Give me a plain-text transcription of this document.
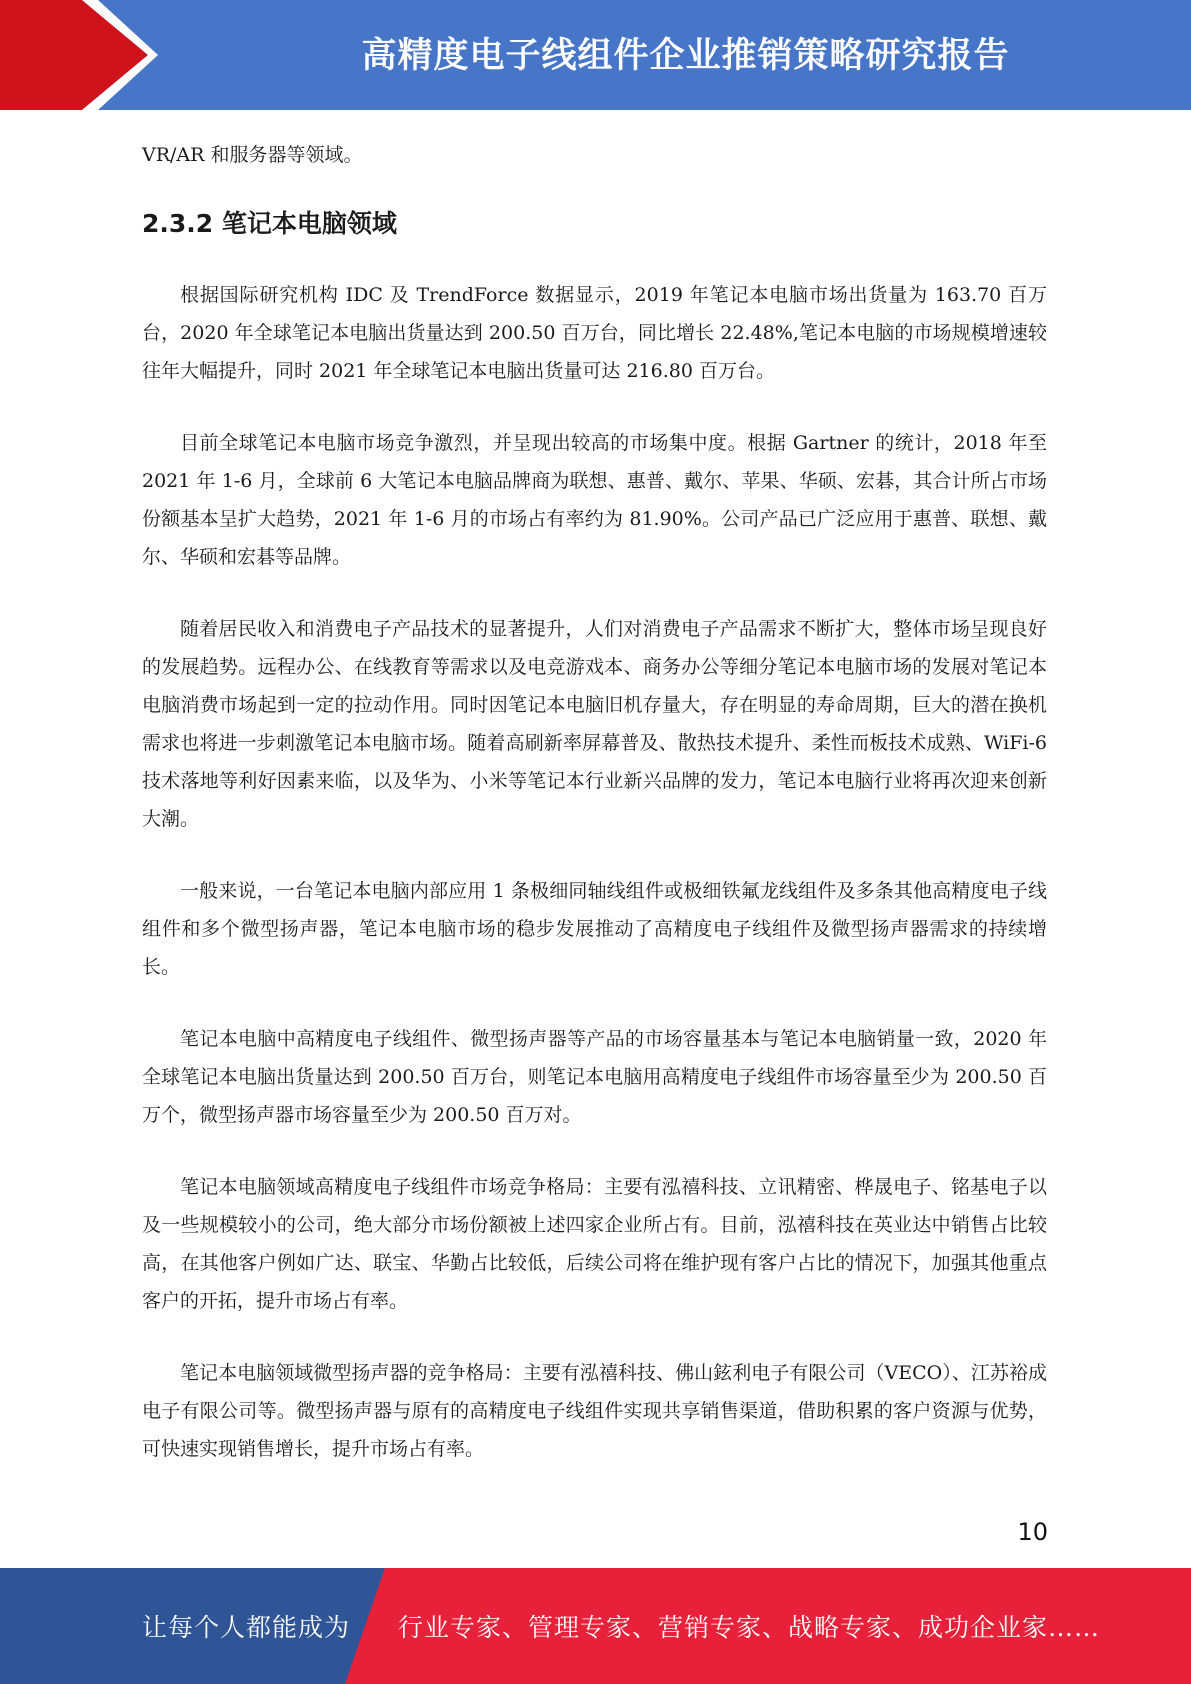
高精度电子线组件企业推销策略研究报告

VR/AR 和服务器等领域。

2.3.2 笔记本电脑领域

根据国际研究机构 IDC 及 TrendForce 数据显示，2019 年笔记本电脑市场出货量为 163.70 百万台，2020 年全球笔记本电脑出货量达到 200.50 百万台，同比增长 22.48%,笔记本电脑的市场规模增速较往年大幅提升，同时 2021 年全球笔记本电脑出货量可达 216.80 百万台。

目前全球笔记本电脑市场竞争激烈，并呈现出较高的市场集中度。根据 Gartner 的统计，2018 年至 2021 年 1-6 月，全球前 6 大笔记本电脑品牌商为联想、惠普、戴尔、苹果、华硕、宏碁，其合计所占市场份额基本呈扩大趋势，2021 年 1-6 月的市场占有率约为 81.90%。公司产品已广泛应用于惠普、联想、戴尔、华硕和宏碁等品牌。

随着居民收入和消费电子产品技术的显著提升，人们对消费电子产品需求不断扩大，整体市场呈现良好的发展趋势。远程办公、在线教育等需求以及电竞游戏本、商务办公等细分笔记本电脑市场的发展对笔记本电脑消费市场起到一定的拉动作用。同时因笔记本电脑旧机存量大，存在明显的寿命周期，巨大的潜在换机需求也将进一步刺激笔记本电脑市场。随着高刷新率屏幕普及、散热技术提升、柔性而板技术成熟、WiFi-6 技术落地等利好因素来临，以及华为、小米等笔记本行业新兴品牌的发力，笔记本电脑行业将再次迎来创新大潮。

一般来说，一台笔记本电脑内部应用 1 条极细同轴线组件或极细铁氟龙线组件及多条其他高精度电子线组件和多个微型扬声器，笔记本电脑市场的稳步发展推动了高精度电子线组件及微型扬声器需求的持续增长。

笔记本电脑中高精度电子线组件、微型扬声器等产品的市场容量基本与笔记本电脑销量一致，2020 年全球笔记本电脑出货量达到 200.50 百万台，则笔记本电脑用高精度电子线组件市场容量至少为 200.50 百万个，微型扬声器市场容量至少为 200.50 百万对。

笔记本电脑领域高精度电子线组件市场竞争格局：主要有泓禧科技、立讯精密、桦晟电子、铭基电子以及一些规模较小的公司，绝大部分市场份额被上述四家企业所占有。目前，泓禧科技在英业达中销售占比较高，在其他客户例如广达、联宝、华勤占比较低，后续公司将在维护现有客户占比的情况下，加强其他重点客户的开拓，提升市场占有率。

笔记本电脑领域微型扬声器的竞争格局：主要有泓禧科技、佛山鉉利电子有限公司（VECO）、江苏裕成电子有限公司等。微型扬声器与原有的高精度电子线组件实现共享销售渠道，借助积累的客户资源与优势，可快速实现销售增长，提升市场占有率。

10
让每个人都能成为 行业专家、管理专家、营销专家、战略专家、成功企业家……
